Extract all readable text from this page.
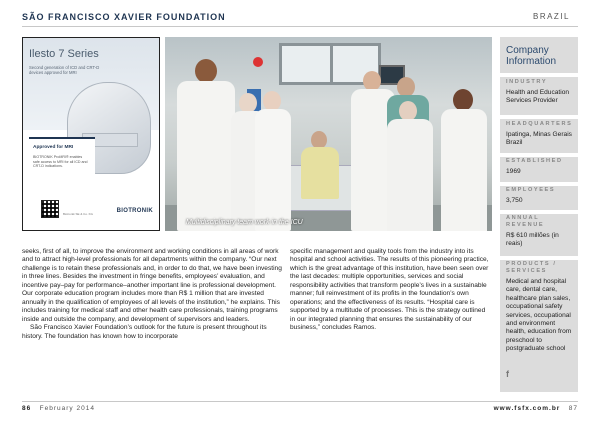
SÃO FRANCISCO XAVIER FOUNDATION	BRAZIL
Ilesto 7 Series
Second generation of ICD and CRT-D devices approved for MRI
Approved for MRI
BIOTRONIK ProMRI® enables safe access to MRI for all ICD and CRT-D indications.
Biotronik SE & Co. KG	BIOTRONIK
Multidisciplinary team work in the ICU
Company Information
INDUSTRY
Health and Education Services Provider
HEADQUARTERS
Ipatinga, Minas Gerais Brazil
ESTABLISHED
1969
EMPLOYEES
3,750
ANNUAL REVENUE
R$ 610 millões (in reais)
PRODUCTS / SERVICES
Medical and hospital care, dental care, healthcare plan sales, occupational safety services, occupational and environment health, education from preschool to postgraduate school
f

seeks, first of all, to improve the environment and working conditions in all areas of work and to attract high-level professionals for all departments within the company. “Our next challenge is to retain these professionals and, in order to do that, we have been investing in three lines. Besides the investment in fringe benefits, employees’ evaluation, and incentive pay–pay for performance–another important line is professional development. Our corporate education program includes more than R$ 1 million that are invested annually in the qualification of employees of all levels of the institution,” he explains. This includes training for medical staff and other health care professionals, training programs inside and outside the company, and development of supervisors and leaders.

São Francisco Xavier Foundation’s outlook for the future is present throughout its history. The foundation has known how to incorporate

specific management and quality tools from the industry into its hospital and school activities. The results of this pioneering practice, which is the great advantage of this institution, have been seen over the last decades: multiple opportunities, services and social responsibility activities that transform people’s lives in a sustainable manner; full reinvestment of its profits in the foundation’s own operations; and the effectiveness of its results. “Hospital care is supported by a multitude of processes. This is the strategy outlined in our integrated planning that ensures the sustainability of our business,” concludes Ramos.

86 February 2014	www.fsfx.com.br 87
